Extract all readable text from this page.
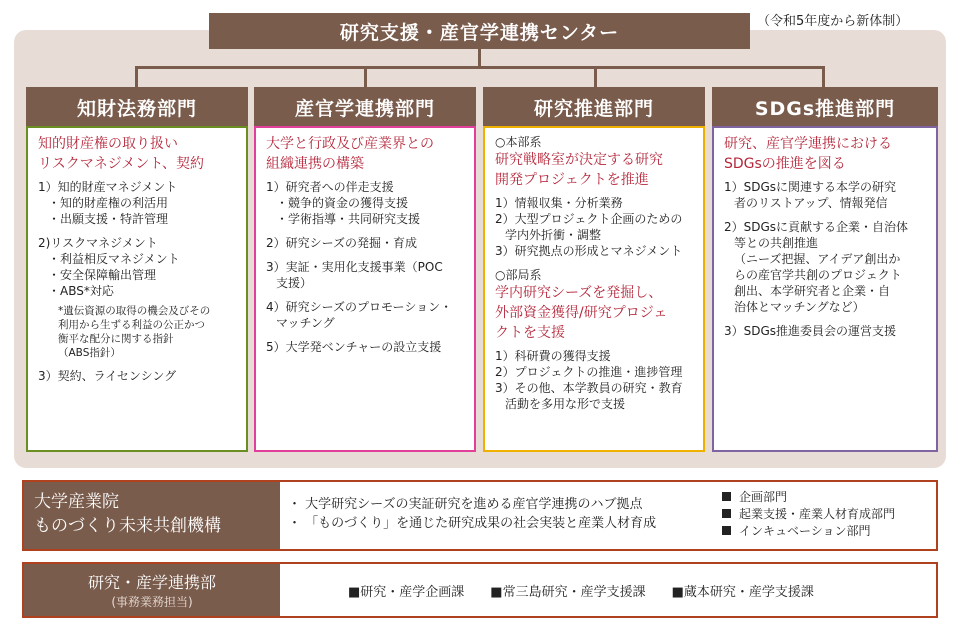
研究支援・産官学連携センター	（令和5年度から新体制）
知財法務部門
知的財産権の取り扱い
リスクマネジメント、契約
1）知的財産マネジメント
・知的財産権の利活用
・出願支援・特許管理
2)リスクマネジメント
・利益相反マネジメント
・安全保障輸出管理
・ABS*対応
*遺伝資源の取得の機会及びその
利用から生ずる利益の公正かつ
衡平な配分に関する指針
（ABS指針）
3）契約、ライセンシング
産官学連携部門
大学と行政及び産業界との
組織連携の構築
1）研究者への伴走支援
・競争的資金の獲得支援
・学術指導・共同研究支援
2）研究シーズの発掘・育成
3）実証・実用化支援事業（POC
支援）
4）研究シーズのプロモーション・
マッチング
5）大学発ベンチャーの設立支援
研究推進部門
○本部系
研究戦略室が決定する研究
開発プロジェクトを推進
1）情報収集・分析業務
2）大型プロジェクト企画のための
学内外折衝・調整
3）研究拠点の形成とマネジメント
○部局系
学内研究シーズを発掘し、
外部資金獲得/研究プロジェ
クトを支援
1）科研費の獲得支援
2）プロジェクトの推進・進捗管理
3）その他、本学教員の研究・教育
活動を多用な形で支援
SDGs推進部門
研究、産官学連携における
SDGsの推進を図る
1）SDGsに関連する本学の研究
者のリストアップ、情報発信
2）SDGsに貢献する企業・自治体
等との共創推進
（ニーズ把握、アイデア創出か
らの産官学共創のプロジェクト
創出、本学研究者と企業・自
治体とマッチングなど）
3）SDGs推進委員会の運営支援
大学産業院
ものづくり未来共創機構
・ 大学研究シーズの実証研究を進める産官学連携のハブ拠点
・ 「ものづくり」を通じた研究成果の社会実装と産業人材育成
企画部門
起業支援・産業人材育成部門
インキュベーション部門
研究・産学連携部
(事務業務担当)
■研究・産学企画課 ■常三島研究・産学支援課 ■蔵本研究・産学支援課
